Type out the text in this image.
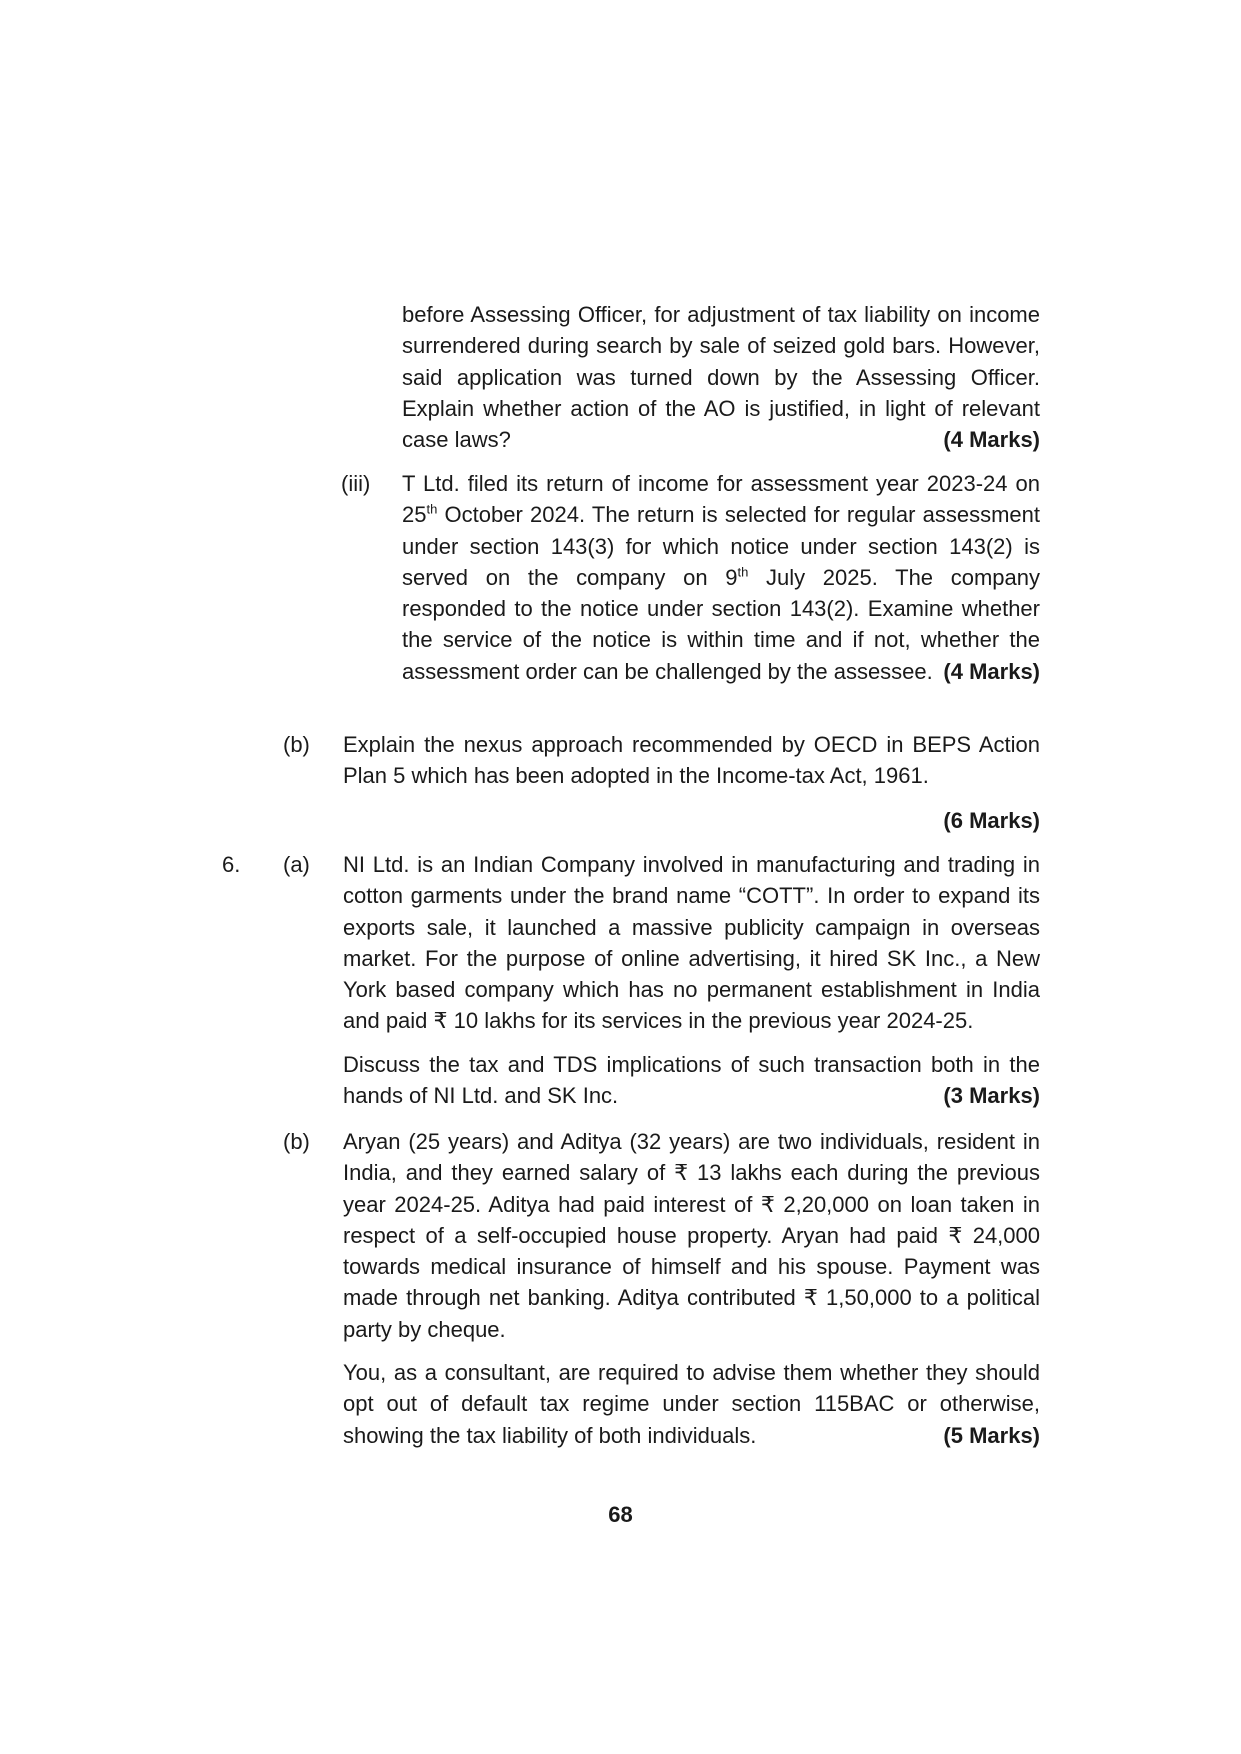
(4 Marks)
before Assessing Officer, for adjustment of tax liability on income surrendered during search by sale of seized gold bars. However, said application was turned down by the Assessing Officer. Explain whether action of the AO is justified, in light of relevant case laws?

(iii) T Ltd. filed its return of income for assessment year 2023-24 on 25th October 2024. The return is selected for regular assessment under section 143(3) for which notice under section 143(2) is served on the company on 9th July 2025. The company responded to the notice under section 143(2). Examine whether the service of the notice is within time and if not, whether the assessment order can be challenged by the assessee. (4 Marks)

(b) Explain the nexus approach recommended by OECD in BEPS Action Plan 5 which has been adopted in the Income-tax Act, 1961.

(6 Marks)

6. (a) NI Ltd. is an Indian Company involved in manufacturing and trading in cotton garments under the brand name “COTT”. In order to expand its exports sale, it launched a massive publicity campaign in overseas market. For the purpose of online advertising, it hired SK Inc., a New York based company which has no permanent establishment in India and paid ₹ 10 lakhs for its services in the previous year 2024-25.

Discuss the tax and TDS implications of such transaction both in the hands of NI Ltd. and SK Inc.	(3 Marks)

(b) Aryan (25 years) and Aditya (32 years) are two individuals, resident in India, and they earned salary of ₹ 13 lakhs each during the previous year 2024-25. Aditya had paid interest of ₹ 2,20,000 on loan taken in respect of a self-occupied house property. Aryan had paid ₹ 24,000 towards medical insurance of himself and his spouse. Payment was made through net banking. Aditya contributed ₹ 1,50,000 to a political party by cheque.

You, as a consultant, are required to advise them whether they should opt out of default tax regime under section 115BAC or otherwise, showing the tax liability of both individuals.	(5 Marks)

68
